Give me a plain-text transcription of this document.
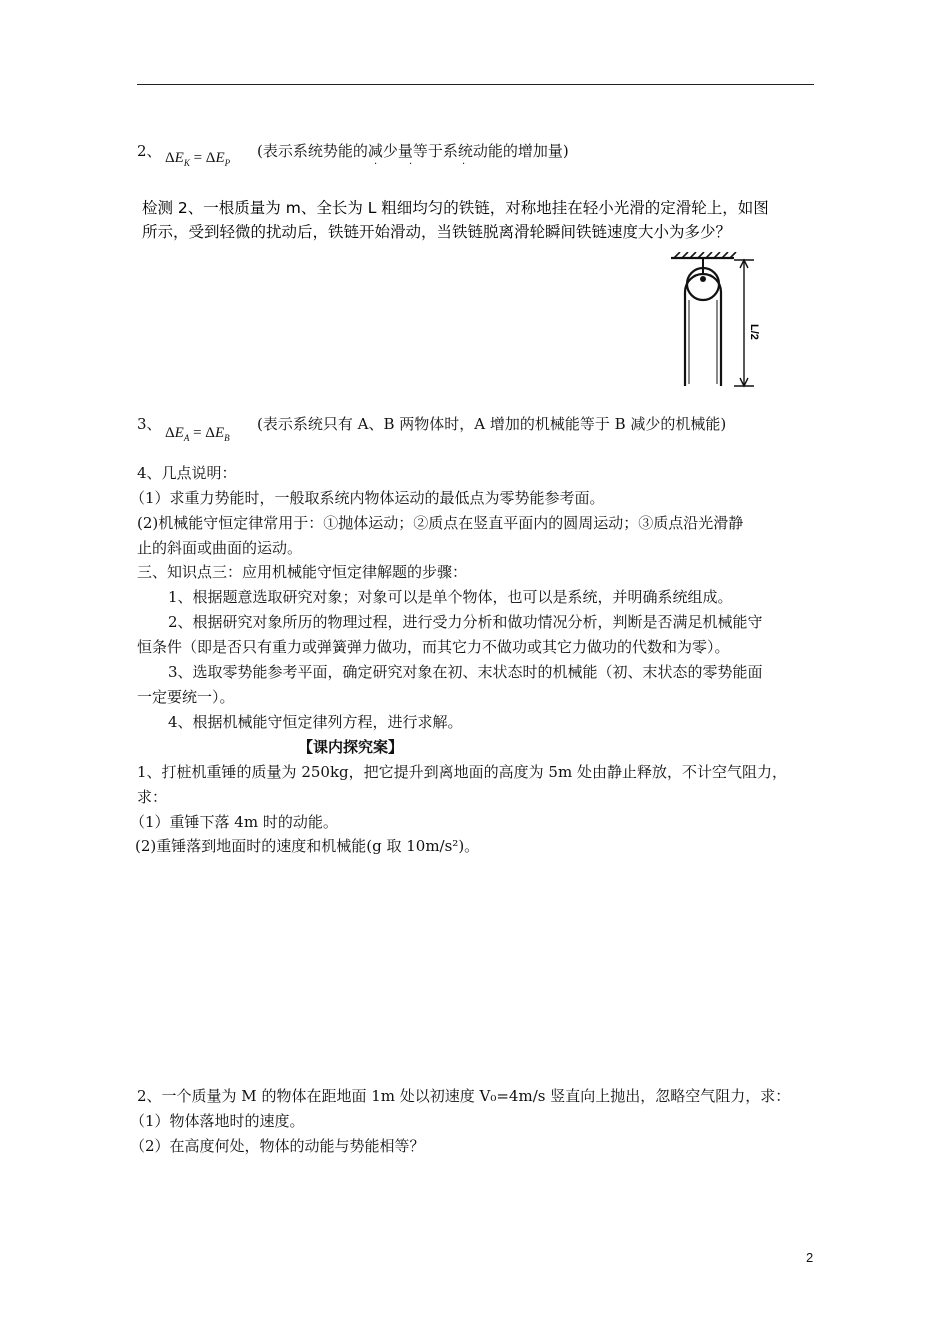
2、 $\Delta E_K = \Delta E_P$
(表示系统势能的减少量等于系统动能的增加量)
·	·	·
检测 2、一根质量为 m、全长为 L 粗细均匀的铁链，对称地挂在轻小光滑的定滑轮上，如图
所示，受到轻微的扰动后，铁链开始滑动，当铁链脱离滑轮瞬间铁链速度大小为多少？
L/2
3、 $\Delta E_A = \Delta E_B$
(表示系统只有 A、B 两物体时，A 增加的机械能等于 B 减少的机械能)
4、几点说明：
（1）求重力势能时，一般取系统内物体运动的最低点为零势能参考面。
(2)机械能守恒定律常用于：①抛体运动；②质点在竖直平面内的圆周运动；③质点沿光滑静
止的斜面或曲面的运动。
三、知识点三：应用机械能守恒定律解题的步骤：
1、根据题意选取研究对象；对象可以是单个物体，也可以是系统，并明确系统组成。
2、根据研究对象所历的物理过程，进行受力分析和做功情况分析，判断是否满足机械能守
恒条件（即是否只有重力或弹簧弹力做功，而其它力不做功或其它力做功的代数和为零）。
3、选取零势能参考平面，确定研究对象在初、末状态时的机械能（初、末状态的零势能面
一定要统一）。
4、根据机械能守恒定律列方程，进行求解。
【课内探究案】
1、打桩机重锤的质量为 250kg，把它提升到离地面的高度为 5m 处由静止释放，不计空气阻力，
求：
（1）重锤下落 4m 时的动能。
(2)重锤落到地面时的速度和机械能(g 取 10m/s²)。
2、一个质量为 M 的物体在距地面 1m 处以初速度 V₀=4m/s 竖直向上抛出，忽略空气阻力，求：
（1）物体落地时的速度。
（2）在高度何处，物体的动能与势能相等？
2
